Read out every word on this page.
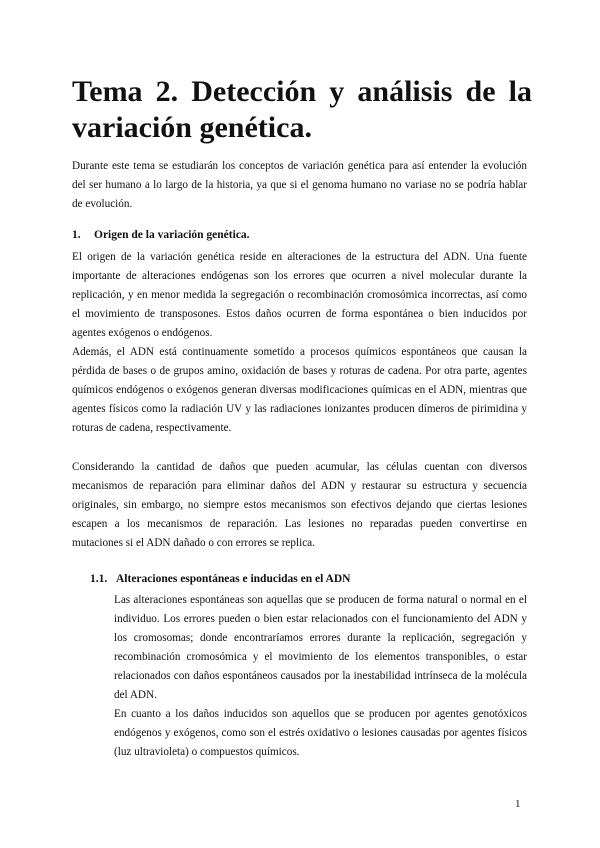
Tema 2. Detección y análisis de la variación genética.

Durante este tema se estudiarán los conceptos de variación genética para así entender la evolución del ser humano a lo largo de la historia, ya que si el genoma humano no variase no se podría hablar de evolución.

1. Origen de la variación genética.

El origen de la variación genética reside en alteraciones de la estructura del ADN. Una fuente importante de alteraciones endógenas son los errores que ocurren a nivel molecular durante la replicación, y en menor medida la segregación o recombinación cromosómica incorrectas, así como el movimiento de transposones. Estos daños ocurren de forma espontánea o bien inducidos por agentes exógenos o endógenos.
Además, el ADN está continuamente sometido a procesos químicos espontáneos que causan la pérdida de bases o de grupos amino, oxidación de bases y roturas de cadena. Por otra parte, agentes químicos endógenos o exógenos generan diversas modificaciones químicas en el ADN, mientras que agentes físicos como la radiación UV y las radiaciones ionizantes producen dímeros de pirimidina y roturas de cadena, respectivamente.

Considerando la cantidad de daños que pueden acumular, las células cuentan con diversos mecanismos de reparación para eliminar daños del ADN y restaurar su estructura y secuencia originales, sin embargo, no siempre estos mecanismos son efectivos dejando que ciertas lesiones escapen a los mecanismos de reparación. Las lesiones no reparadas pueden convertirse en mutaciones si el ADN dañado o con errores se replica.

1.1. Alteraciones espontáneas e inducidas en el ADN

Las alteraciones espontáneas son aquellas que se producen de forma natural o normal en el individuo. Los errores pueden o bien estar relacionados con el funcionamiento del ADN y los cromosomas; donde encontraríamos errores durante la replicación, segregación y recombinación cromosómica y el movimiento de los elementos transponibles, o estar relacionados con daños espontáneos causados por la inestabilidad intrínseca de la molécula del ADN.
En cuanto a los daños inducidos son aquellos que se producen por agentes genotóxicos endógenos y exógenos, como son el estrés oxidativo o lesiones causadas por agentes físicos (luz ultravioleta) o compuestos químicos.
1
